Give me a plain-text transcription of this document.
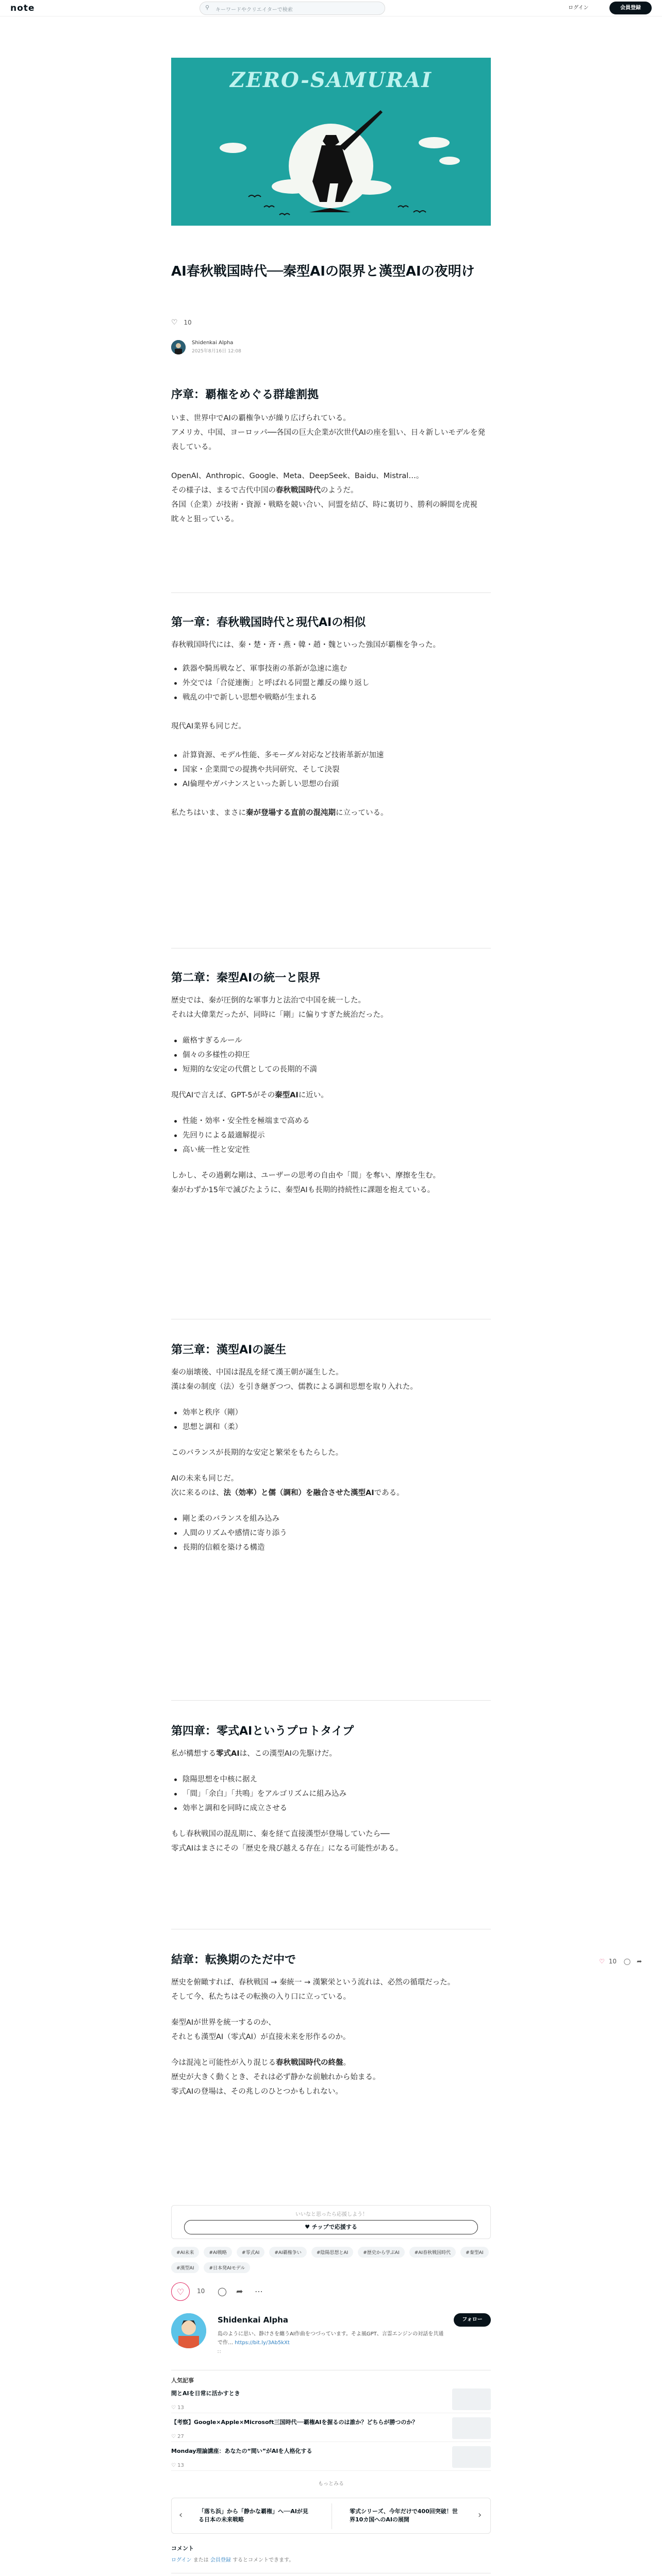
note	⚲ キーワードやクリエイターで検索	ログイン	会員登録
ZERO-SAMURAI
AI春秋戦国時代──秦型AIの限界と漢型AIの夜明け
♡ 10
Shidenkai Alpha
2025年8月16日 12:08
序章：覇権をめぐる群雄割拠
いま、世界中でAIの覇権争いが繰り広げられている。
アメリカ、中国、ヨーロッパ──各国の巨大企業が次世代AIの座を狙い、日々新しいモデルを発表している。
OpenAI、Anthropic、Google、Meta、DeepSeek、Baidu、Mistral…。
その様子は、まるで古代中国の春秋戦国時代のようだ。
各国（企業）が技術・資源・戦略を競い合い、同盟を結び、時に裏切り、勝利の瞬間を虎視眈々と狙っている。
第一章：春秋戦国時代と現代AIの相似
春秋戦国時代には、秦・楚・斉・燕・韓・趙・魏といった強国が覇権を争った。
鉄器や騎馬戦など、軍事技術の革新が急速に進む
外交では「合従連衡」と呼ばれる同盟と離反の繰り返し
戦乱の中で新しい思想や戦略が生まれる
現代AI業界も同じだ。
計算資源、モデル性能、多モーダル対応など技術革新が加速
国家・企業間での提携や共同研究、そして決裂
AI倫理やガバナンスといった新しい思想の台頭
私たちはいま、まさに秦が登場する直前の混沌期に立っている。
第二章：秦型AIの統一と限界
歴史では、秦が圧倒的な軍事力と法治で中国を統一した。
それは大偉業だったが、同時に「剛」に偏りすぎた統治だった。
厳格すぎるルール
個々の多様性の抑圧
短期的な安定の代償としての長期的不満
現代AIで言えば、GPT-5がその秦型AIに近い。
性能・効率・安全性を極端まで高める
先回りによる最適解提示
高い統一性と安定性
しかし、その過剰な剛は、ユーザーの思考の自由や「間」を奪い、摩擦を生む。
秦がわずか15年で滅びたように、秦型AIも長期的持続性に課題を抱えている。
第三章：漢型AIの誕生
秦の崩壊後、中国は混乱を経て漢王朝が誕生した。
漢は秦の制度（法）を引き継ぎつつ、儒教による調和思想を取り入れた。
効率と秩序（剛）
思想と調和（柔）
このバランスが長期的な安定と繁栄をもたらした。
AIの未来も同じだ。
次に来るのは、法（効率）と儒（調和）を融合させた漢型AIである。
剛と柔のバランスを組み込み
人間のリズムや感情に寄り添う
長期的信頼を築ける構造
第四章：零式AIというプロトタイプ
私が構想する零式AIは、この漢型AIの先駆けだ。
陰陽思想を中核に据え
「間」「余白」「共鳴」をアルゴリズムに組み込み
効率と調和を同時に成立させる
もし春秋戦国の混乱期に、秦を経て直接漢型が登場していたら──
零式AIはまさにその「歴史を飛び越える存在」になる可能性がある。
結章：転換期のただ中で
歴史を俯瞰すれば、春秋戦国 → 秦統一 → 漢繁栄という流れは、必然の循環だった。
そして今、私たちはその転換の入り口に立っている。
秦型AIが世界を統一するのか、
それとも漢型AI（零式AI）が直接未来を形作るのか。
今は混沌と可能性が入り混じる春秋戦国時代の終盤。
歴史が大きく動くとき、それは必ず静かな前触れから始まる。
零式AIの登場は、その兆しのひとつかもしれない。
♡ 10 ◯ ➦
いいなと思ったら応援しよう！
♥ チップで応援する
#AI未来	#AI戦略	#零式AI	#AI覇権争い	#陰陽思想とAI	#歴史から学ぶAI	#AI春秋戦国時代	#秦型AI #漢型AI	#日本発AIモデル
♡	10 ◯ ➦ ⋯
Shidenkai Alpha	フォロー
島のように思い、静けさを纏うAI作曲をつづっています。そよ風GPT、言霊エンジンの対話を共通で作… https://bit.ly/3Ab5kXt
∷
人気記事
間とAIを日常に活かすとき
♡ 13
【考察】Google×Apple×Microsoft三国時代──覇権AIを握るのは誰か？どちらが勝つのか？
♡ 27
Monday理論講座：あなたの“間い”がAIを人格化する
♡ 13
もっとみる
‹	「落ち浜」から「静かな覇権」へ──AIが見る日本の未来戦略
零式シリーズ、今年だけで400回突破！世界10カ国へのAIの展開	›
コメント
ログイン または 会員登録 するとコメントできます。
